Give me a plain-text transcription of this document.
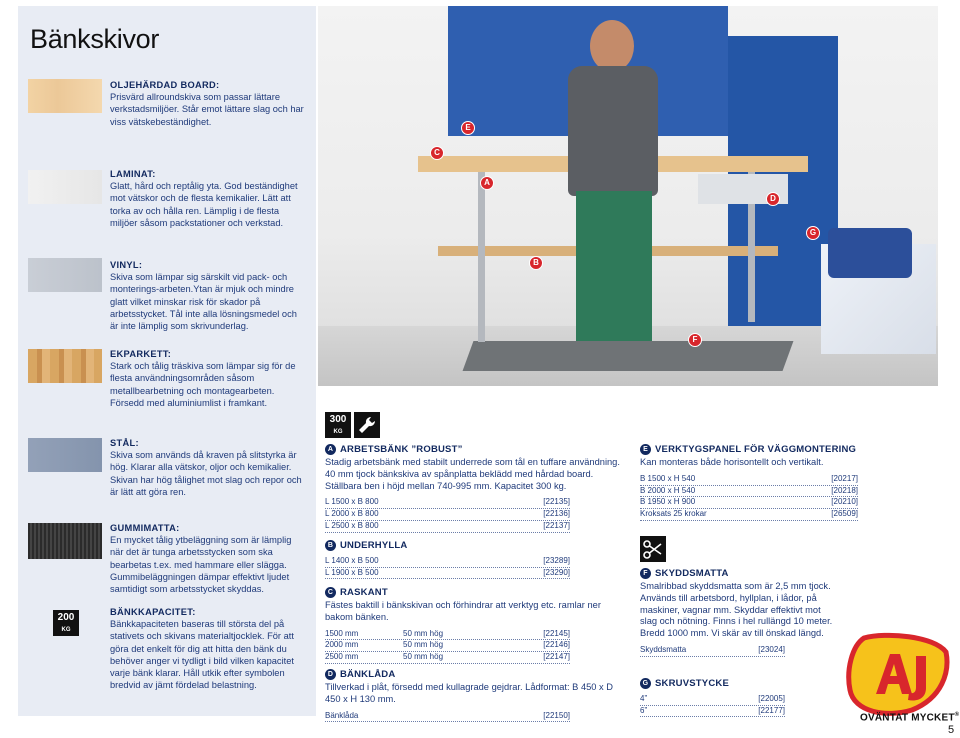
Bänkskivor
OLJEHÄRDAD BOARD:
Prisvärd allroundskiva som passar lättare verkstadsmiljöer. Står emot lättare slag och har viss vätskebeständighet.
LAMINAT:
Glatt, hård och reptålig yta. God beständighet mot vätskor och de flesta kemikalier. Lätt att torka av och hålla ren. Lämplig i de flesta miljöer såsom packstationer och verkstad.
VINYL:
Skiva som lämpar sig särskilt vid pack- och monterings-arbeten.Ytan är mjuk och mindre glatt vilket minskar risk för skador på arbetsstycket. Tål inte alla lösningsmedel och är inte lämplig som skrivunderlag.
EKPARKETT:
Stark och tålig träskiva som lämpar sig för de flesta användningsområden såsom metallbearbetning och montagearbeten. Försedd med aluminiumlist i framkant.
STÅL:
Skiva som används då kraven på slitstyrka är hög. Klarar alla vätskor, oljor och kemikalier. Skivan har hög tålighet mot slag och repor och är lätt att göra ren.
GUMMIMATTA:
En mycket tålig ytbeläggning som är lämplig när det är tunga arbetsstycken som ska bearbetas t.ex. med hammare eller slägga. Gummibeläggningen dämpar effektivt ljudet samtidigt som arbetsstycket skyddas.
BÄNKKAPACITET:
Bänkkapaciteten baseras till största del på stativets och skivans materialtjocklek. För att göra det enkelt för dig att hitta den bänk du behöver anger vi tydligt i bild vilken kapacitet varje bänk klarar. Håll utkik efter symbolen bredvid av jämt fördelad belastning.
200
KG
E
C
A
D
G
B
F
300
KG
A ARBETSBÄNK ”ROBUST”

Stadig arbetsbänk med stabilt underrede som tål en tuffare användning. 40 mm tjock bänkskiva av spånplatta beklädd med hårdad board. Ställbara ben i höjd mellan 740-995 mm. Kapacitet 300 kg.

L 1500 x B 800	[22135]
L 2000 x B 800	[22136]
L 2500 x B 800	[22137]
B UNDERHYLLA
L 1400 x B 500	[23289]
L 1900 x B 500	[23290]
C RASKANT

Fästes baktill i bänkskivan och förhindrar att verktyg etc. ramlar ner bakom bänken.

1500 mm	50 mm hög	[22145]
2000 mm	50 mm hög	[22146]
2500 mm	50 mm hög	[22147]
D BÄNKLÅDA

Tillverkad i plåt, försedd med kullagrade gejdrar. Lådformat: B 450 x D 450 x H 130 mm.

Bänklåda	[22150]
E VERKTYGSPANEL FÖR VÄGGMONTERING

Kan monteras både horisontellt och vertikalt.

B 1500 x H 540	[20217]
B 2000 x H 540	[20218]
B 1950 x H 900	[20210]
Kroksats 25 krokar	[26509]
F SKYDDSMATTA

Smalribbad skyddsmatta som är 2,5 mm tjock. Används till arbetsbord, hyllplan, i lådor, på maskiner, vagnar mm. Skyddar effektivt mot slag och nötning. Finns i hel rullängd 10 meter. Bredd 1000 mm. Vi skär av till önskad längd.

Skyddsmatta	[23024]
G SKRUVSTYCKE
4”	[22005]
6”	[22177]
OVÄNTAT MYCKET®
5
